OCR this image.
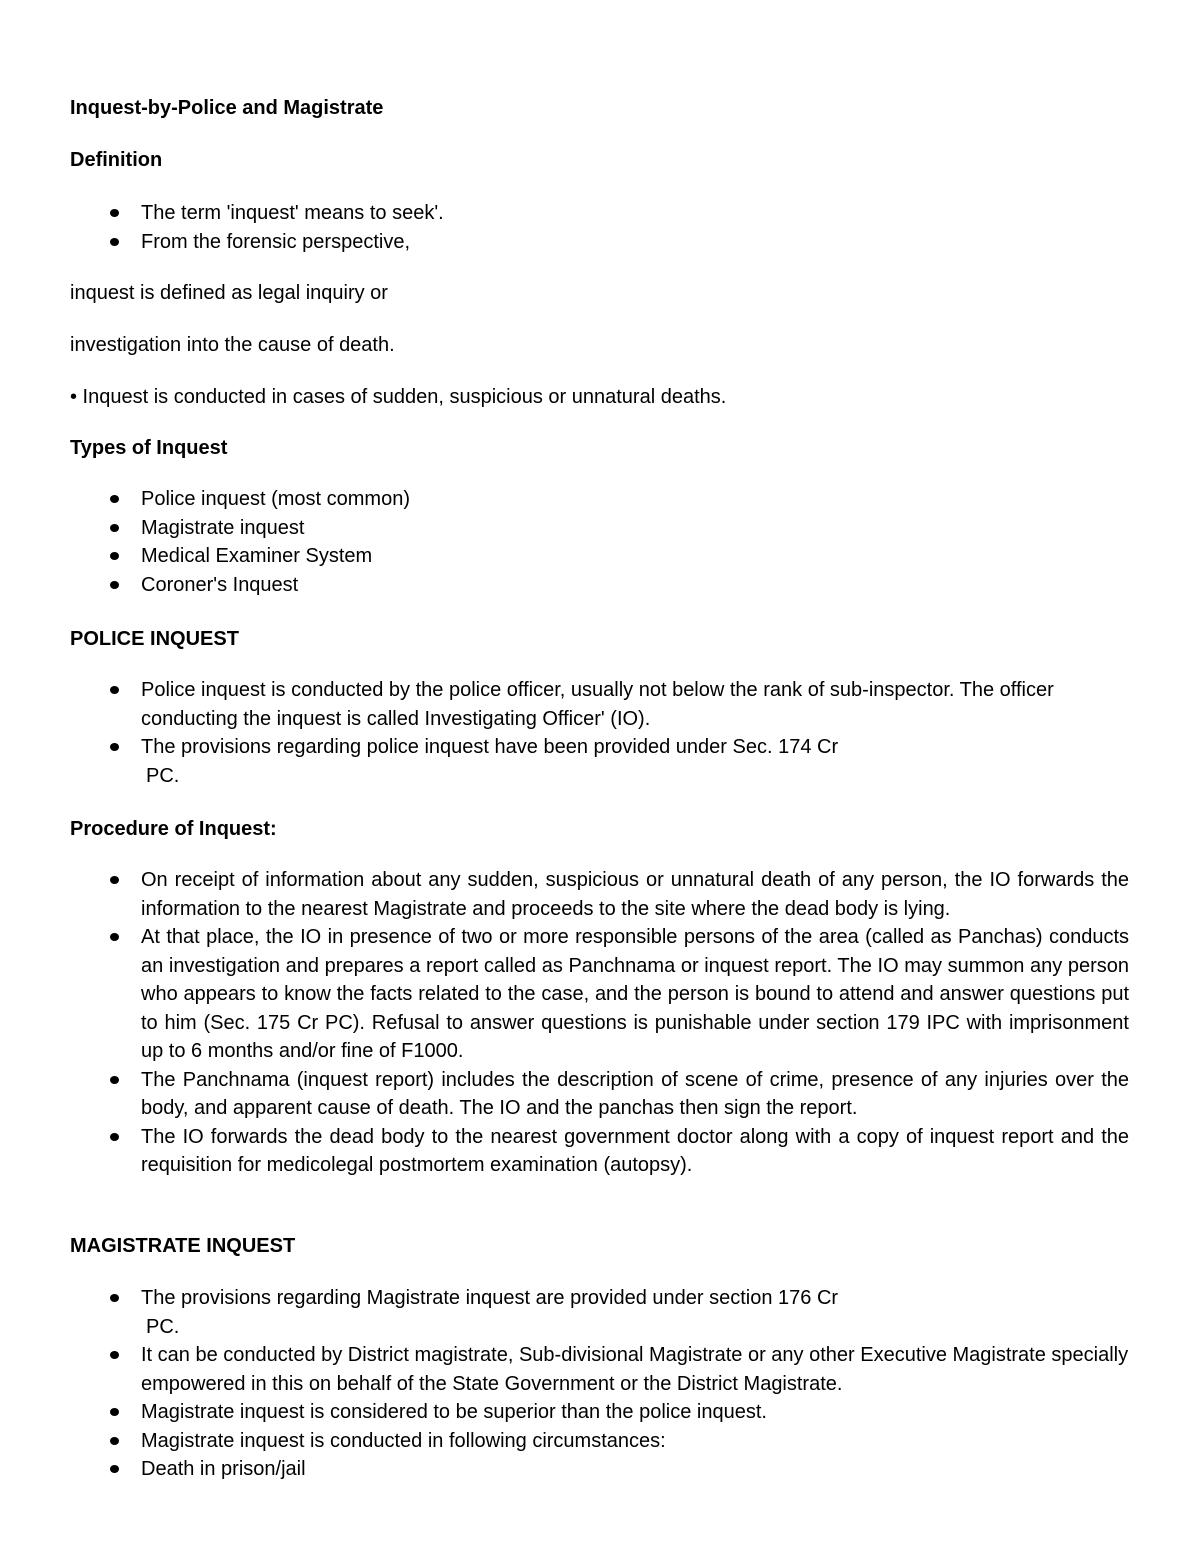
Inquest-by-Police and Magistrate
Definition
The term 'inquest' means to seek'.
From the forensic perspective,
inquest is defined as legal inquiry or
investigation into the cause of death.
• Inquest is conducted in cases of sudden, suspicious or unnatural deaths.
Types of Inquest
Police inquest (most common)
Magistrate inquest
Medical Examiner System
Coroner's Inquest
POLICE INQUEST
Police inquest is conducted by the police officer, usually not below the rank of sub-inspector. The officer conducting the inquest is called Investigating Officer' (IO).
The provisions regarding police inquest have been provided under Sec. 174 Cr
PC.
Procedure of Inquest:
On receipt of information about any sudden, suspicious or unnatural death of any person, the IO forwards the information to the nearest Magistrate and proceeds to the site where the dead body is lying.
At that place, the IO in presence of two or more responsible persons of the area (called as Panchas) conducts an investigation and prepares a report called as Panchnama or inquest report. The IO may summon any person who appears to know the facts related to the case, and the person is bound to attend and answer questions put to him (Sec. 175 Cr PC). Refusal to answer questions is punishable under section 179 IPC with imprisonment up to 6 months and/or fine of F1000.
The Panchnama (inquest report) includes the description of scene of crime, presence of any injuries over the body, and apparent cause of death. The IO and the panchas then sign the report.
The IO forwards the dead body to the nearest government doctor along with a copy of inquest report and the requisition for medicolegal postmortem examination (autopsy).
MAGISTRATE INQUEST
The provisions regarding Magistrate inquest are provided under section 176 Cr
PC.
It can be conducted by District magistrate, Sub-divisional Magistrate or any other Executive Magistrate specially empowered in this on behalf of the State Government or the District Magistrate.
Magistrate inquest is considered to be superior than the police inquest.
Magistrate inquest is conducted in following circumstances:
Death in prison/jail
